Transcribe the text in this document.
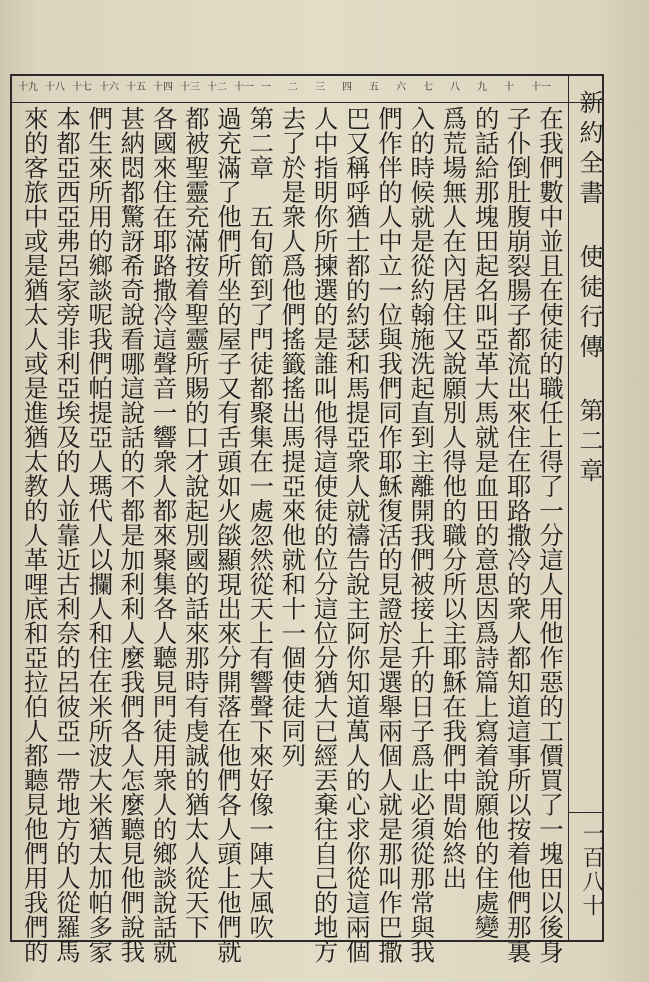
十九 十八 十七 十六 十五 十四 十三 十二 十一 一 二 三 四 五 六 七 八 九 十 十一
在我們數中並且在使徒的職任上得了一分這人用他作惡的工價買了一塊田以後身
子仆倒肚腹崩裂腸子都流出來住在耶路撒冷的衆人都知道這事所以按着他們那裏
的話給那塊田起名叫亞革大馬就是血田的意思因爲詩篇上寫着說願他的住處變
爲荒場無人在內居住又說願別人得他的職分所以主耶穌在我們中間始終出
入的時候就是從約翰施洗起直到主離開我們被接上升的日子爲止必須從那常與我
們作伴的人中立一位與我們同作耶穌復活的見證於是選舉兩個人就是那叫作巴撒
巴又稱呼猶士都的約瑟和馬提亞衆人就禱告說主阿你知道萬人的心求你從這兩個
人中指明你所揀選的是誰叫他得這使徒的位分這位分猶大已經丟棄往自己的地方
去了於是衆人爲他們搖籤搖出馬提亞來他就和十一個使徒同列
第二章　五旬節到了門徒都聚集在一處忽然從天上有響聲下來好像一陣大風吹
過充滿了他們所坐的屋子又有舌頭如火燄顯現出來分開落在他們各人頭上他們就
都被聖靈充滿按着聖靈所賜的口才說起別國的話來那時有虔誠的猶太人從天下
各國來住在耶路撒冷這聲音一響衆人都來聚集各人聽見門徒用衆人的鄉談說話就
甚納悶都驚訝希奇說看哪這說話的不都是加利利人麼我們各人怎麼聽見他們說我
們生來所用的鄉談呢我們帕提亞人瑪代人以攔人和住在米所波大米猶太加帕多家
本都亞西亞弗呂家旁非利亞埃及的人並靠近古利奈的呂彼亞一帶地方的人從羅馬
來的客旅中或是猶太人或是進猶太教的人革哩底和亞拉伯人都聽見他們用我們的	新約全書 使徒行傳 第二章
一百八十
